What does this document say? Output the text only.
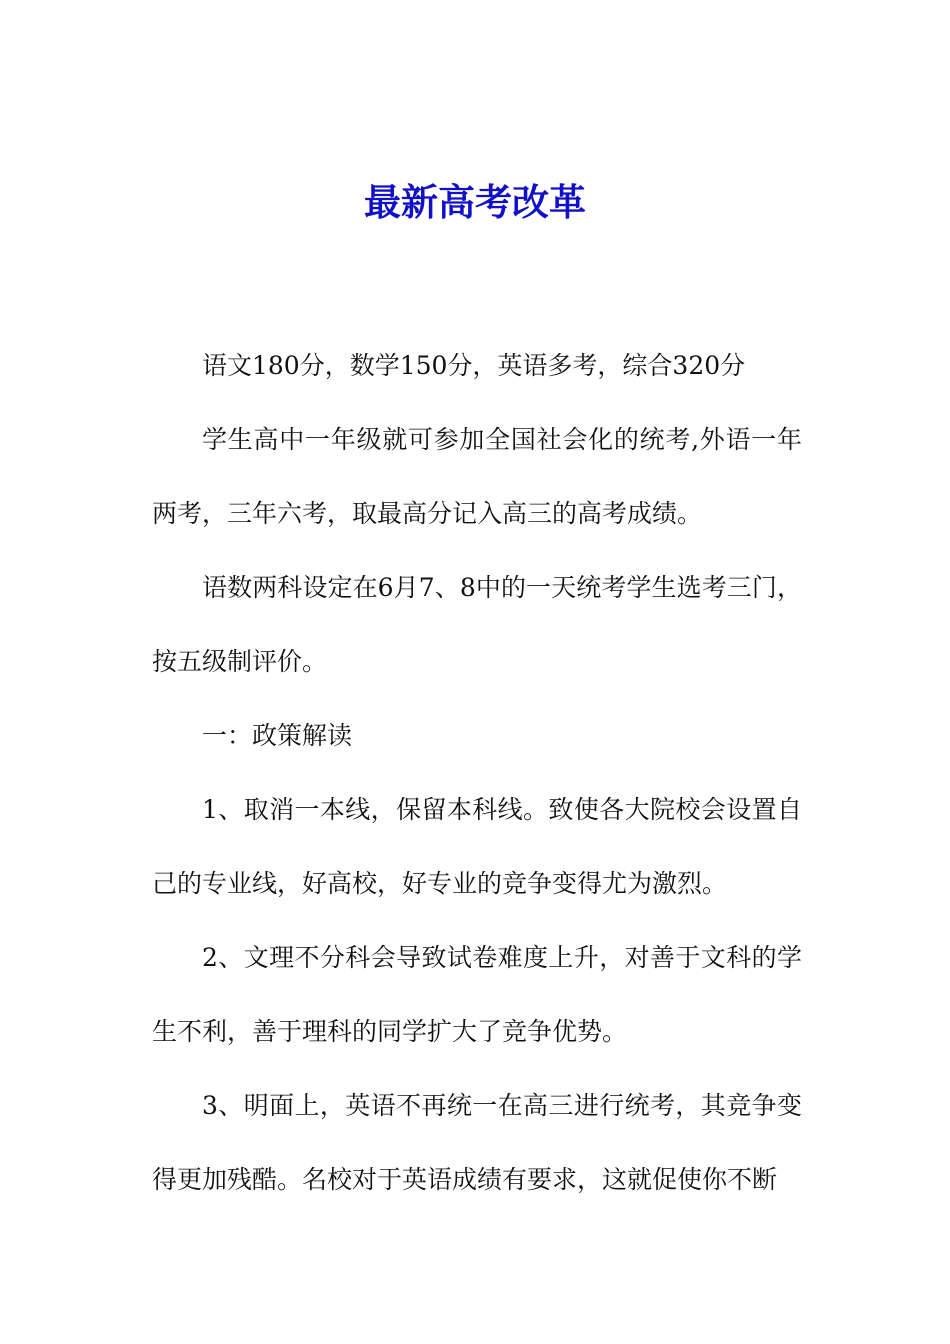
最新高考改革

语文180分，数学150分，英语多考，综合320分

学生高中一年级就可参加全国社会化的统考,外语一年两考，三年六考，取最高分记入高三的高考成绩。

语数两科设定在6月7、8中的一天统考学生选考三门，按五级制评价。

一：政策解读

1、取消一本线，保留本科线。致使各大院校会设置自己的专业线，好高校，好专业的竞争变得尤为激烈。

2、文理不分科会导致试卷难度上升，对善于文科的学生不利，善于理科的同学扩大了竞争优势。

3、明面上，英语不再统一在高三进行统考，其竞争变得更加残酷。名校对于英语成绩有要求，这就促使你不断
